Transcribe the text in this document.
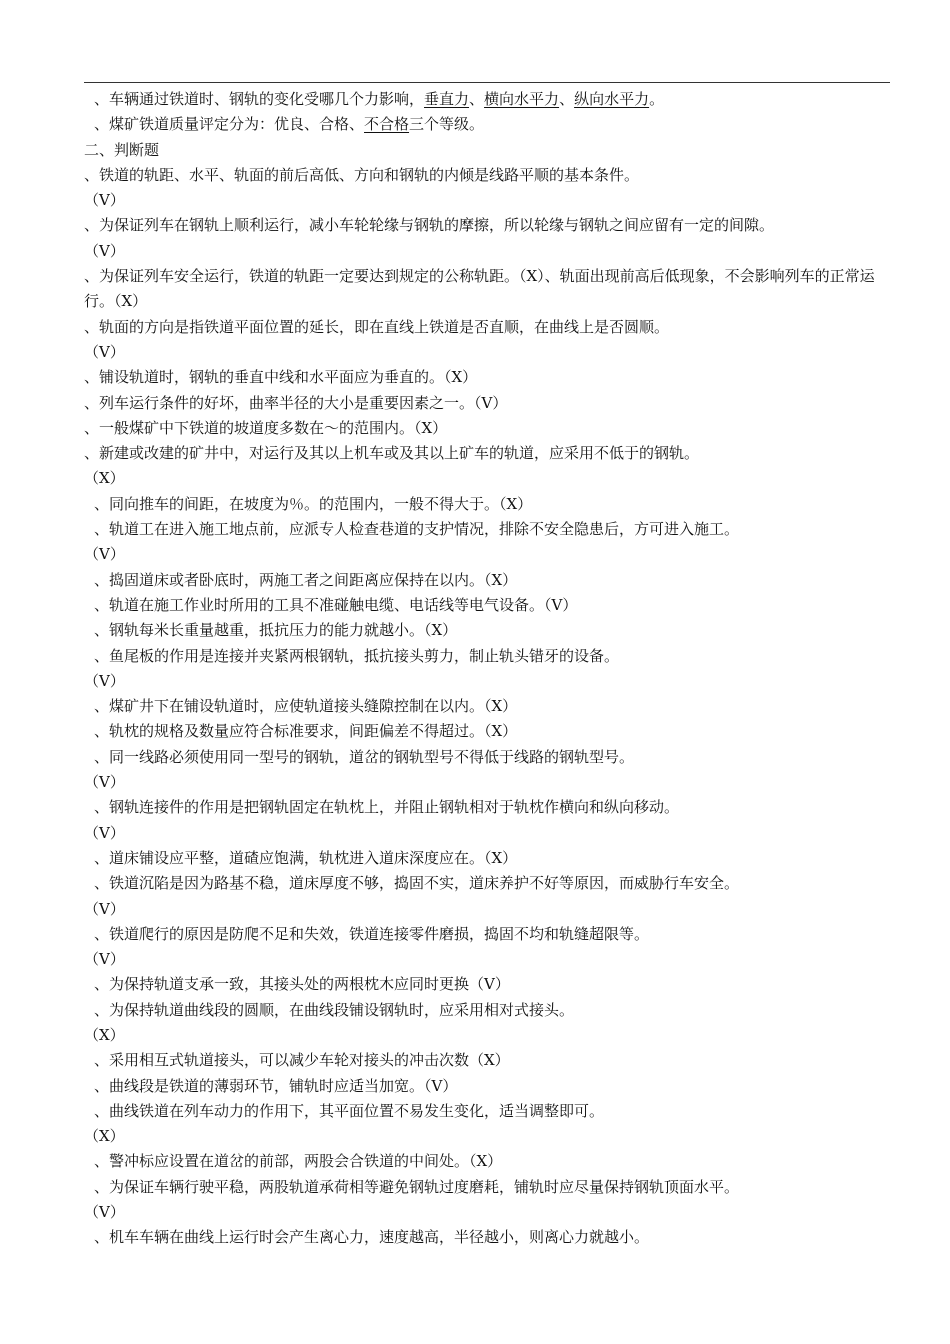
、车辆通过铁道时、钢轨的变化受哪几个力影响，垂直力、横向水平力、纵向水平力。
、煤矿铁道质量评定分为：优良、合格、不合格三个等级。
二、判断题
、铁道的轨距、水平、轨面的前后高低、方向和钢轨的内倾是线路平顺的基本条件。
（V）
、为保证列车在钢轨上顺利运行，减小车轮轮缘与钢轨的摩擦，所以轮缘与钢轨之间应留有一定的间隙。
（V）
、为保证列车安全运行，铁道的轨距一定要达到规定的公称轨距。（X）、轨面出现前高后低现象，不会影响列车的正常运行。（X）
、轨面的方向是指铁道平面位置的延长，即在直线上铁道是否直顺，在曲线上是否圆顺。
（V）
、铺设轨道时，钢轨的垂直中线和水平面应为垂直的。（X）
、列车运行条件的好坏，曲率半径的大小是重要因素之一。（V）
、一般煤矿中下铁道的坡道度多数在～的范围内。（X）
、新建或改建的矿井中，对运行及其以上机车或及其以上矿车的轨道，应采用不低于的钢轨。
（X）
、同向推车的间距，在坡度为％。的范围内，一般不得大于。（X）
、轨道工在进入施工地点前，应派专人检查巷道的支护情况，排除不安全隐患后，方可进入施工。
（V）
、捣固道床或者卧底时，两施工者之间距离应保持在以内。（X）
、轨道在施工作业时所用的工具不准碰触电缆、电话线等电气设备。（V）
、钢轨每米长重量越重，抵抗压力的能力就越小。（X）
、鱼尾板的作用是连接并夹紧两根钢轨，抵抗接头剪力，制止轨头错牙的设备。
（V）
、煤矿井下在铺设轨道时，应使轨道接头缝隙控制在以内。（X）
、轨枕的规格及数量应符合标准要求，间距偏差不得超过。（X）
、同一线路必须使用同一型号的钢轨，道岔的钢轨型号不得低于线路的钢轨型号。
（V）
、钢轨连接件的作用是把钢轨固定在轨枕上，并阻止钢轨相对于轨枕作横向和纵向移动。
（V）
、道床铺设应平整，道碴应饱满，轨枕进入道床深度应在。（X）
、铁道沉陷是因为路基不稳，道床厚度不够，捣固不实，道床养护不好等原因，而威胁行车安全。
（V）
、铁道爬行的原因是防爬不足和失效，铁道连接零件磨损，捣固不均和轨缝超限等。
（V）
、为保持轨道支承一致，其接头处的两根枕木应同时更换（V）
、为保持轨道曲线段的圆顺，在曲线段铺设钢轨时，应采用相对式接头。
（X）
、采用相互式轨道接头，可以减少车轮对接头的冲击次数（X）
、曲线段是铁道的薄弱环节，铺轨时应适当加宽。（V）
、曲线铁道在列车动力的作用下，其平面位置不易发生变化，适当调整即可。
（X）
、警冲标应设置在道岔的前部，两股会合铁道的中间处。（X）
、为保证车辆行驶平稳，两股轨道承荷相等避免钢轨过度磨耗，铺轨时应尽量保持钢轨顶面水平。
（V）
、机车车辆在曲线上运行时会产生离心力，速度越高，半径越小，则离心力就越小。
